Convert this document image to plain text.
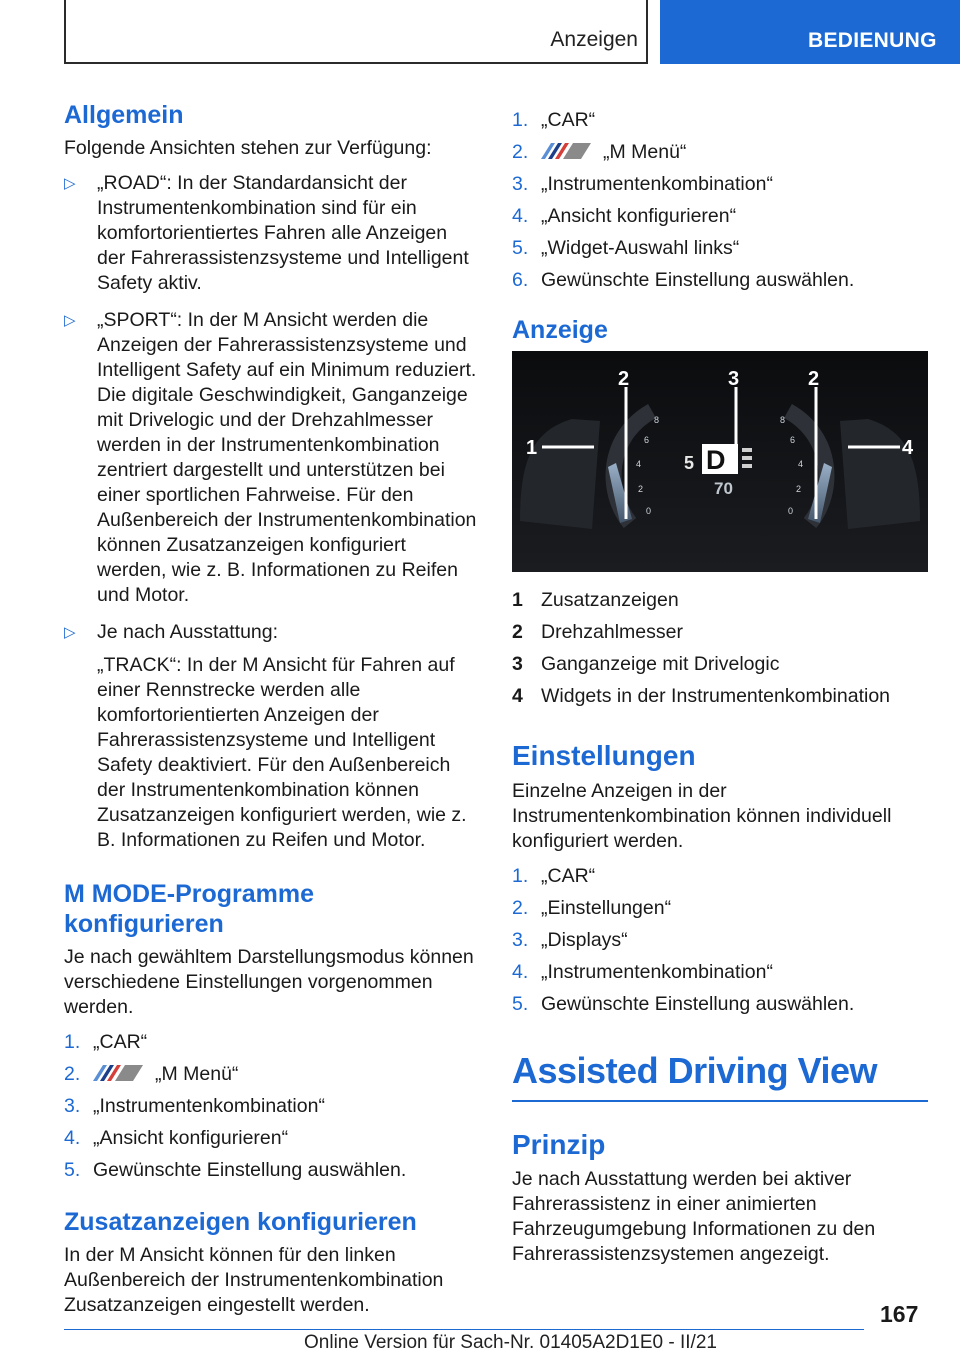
Anzeigen	BEDIENUNG
Allgemein

Folgende Ansichten stehen zur Verfügung:

▷ „ROAD“: In der Standardansicht der Instrumentenkombination sind für ein komfortorientiertes Fahren alle Anzeigen der Fahrerassistenzsysteme und Intelligent Safety aktiv.
▷ „SPORT“: In der M Ansicht werden die Anzeigen der Fahrerassistenzsysteme und Intelligent Safety auf ein Minimum reduziert. Die digitale Geschwindigkeit, Ganganzeige mit Drivelogic und der Drehzahlmesser werden in der Instrumentenkombination zentriert dargestellt und unterstützen bei einer sportlichen Fahrweise. Für den Außenbereich der Instrumentenkombination können Zusatzanzeigen konfiguriert werden, wie z. B. Informationen zu Reifen und Motor.
▷ Je nach Ausstattung:
„TRACK“: In der M Ansicht für Fahren auf einer Rennstrecke werden alle komfortorientierten Anzeigen der Fahrerassistenzsysteme und Intelligent Safety deaktiviert. Für den Außenbereich der Instrumentenkombination können Zusatzanzeigen konfiguriert werden, wie z. B. Informationen zu Reifen und Motor.
M MODE-Programme konfigurieren

Je nach gewähltem Darstellungsmodus können verschiedene Einstellungen vorgenommen werden.

1. „CAR“
2.	„M Menü“
3. „Instrumentenkombination“
4. „Ansicht konfigurieren“
5. Gewünschte Einstellung auswählen.
Zusatzanzeigen konfigurieren

In der M Ansicht können für den linken Außenbereich der Instrumentenkombination Zusatzanzeigen eingestellt werden.

1. „CAR“
2.	„M Menü“
3. „Instrumentenkombination“
4. „Ansicht konfigurieren“
5. „Widget-Auswahl links“
6. Gewünschte Einstellung auswählen.
Anzeige
8
6
4
2
0
8
6
4
2
0
5 D
70
1
2	3	2
4
1 Zusatzanzeigen
2 Drehzahlmesser
3 Ganganzeige mit Drivelogic
4 Widgets in der Instrumentenkombination
Einstellungen

Einzelne Anzeigen in der Instrumentenkombination können individuell konfiguriert werden.

1. „CAR“
2. „Einstellungen“
3. „Displays“
4. „Instrumentenkombination“
5. Gewünschte Einstellung auswählen.
Assisted Driving View
Prinzip

Je nach Ausstattung werden bei aktiver Fahrerassistenz in einer animierten Fahrzeugumgebung Informationen zu den Fahrerassistenzsystemen angezeigt.

167
Online Version für Sach-Nr. 01405A2D1E0 - II/21
